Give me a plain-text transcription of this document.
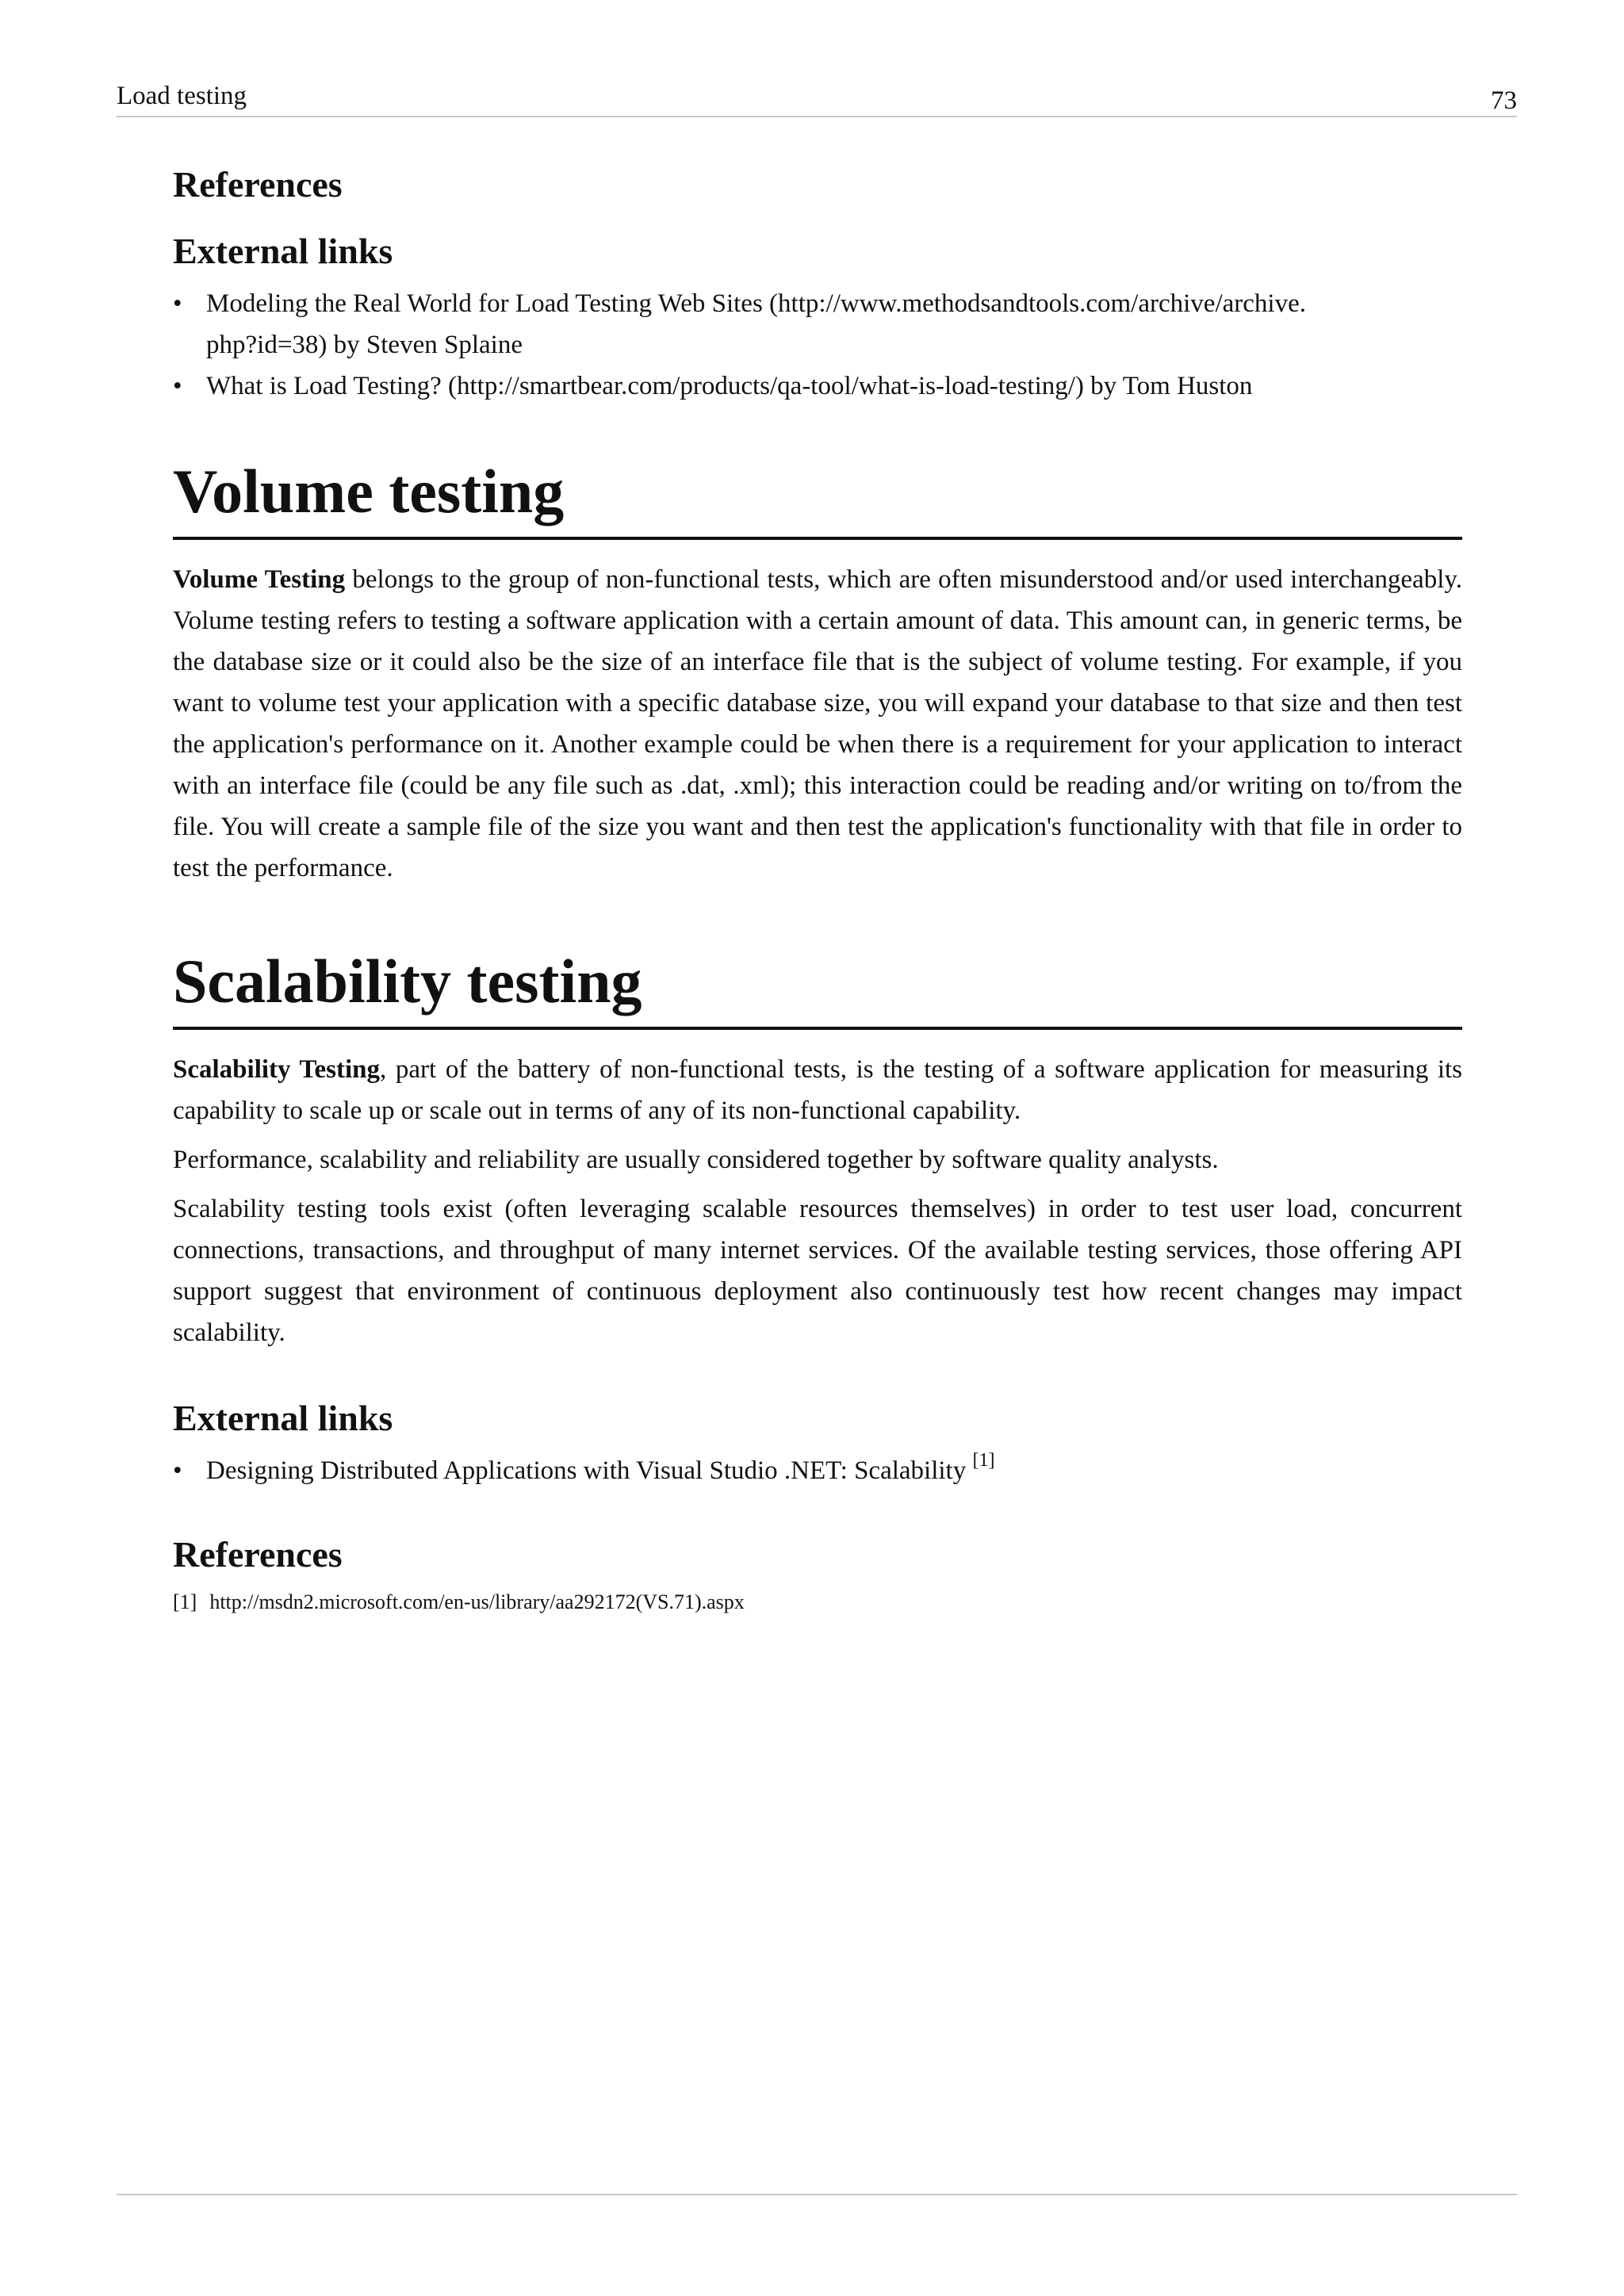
Load testing	73
References
External links
• Modeling the Real World for Load Testing Web Sites (http://www.methodsandtools.com/archive/archive.
php?id=38) by Steven Splaine
• What is Load Testing? (http://smartbear.com/products/qa-tool/what-is-load-testing/) by Tom Huston
Volume testing

Volume Testing belongs to the group of non-functional tests, which are often misunderstood and/or used interchangeably. Volume testing refers to testing a software application with a certain amount of data. This amount can, in generic terms, be the database size or it could also be the size of an interface file that is the subject of volume testing. For example, if you want to volume test your application with a specific database size, you will expand your database to that size and then test the application's performance on it. Another example could be when there is a requirement for your application to interact with an interface file (could be any file such as .dat, .xml); this interaction could be reading and/or writing on to/from the file. You will create a sample file of the size you want and then test the application's functionality with that file in order to test the performance.

Scalability testing

Scalability Testing, part of the battery of non-functional tests, is the testing of a software application for measuring its capability to scale up or scale out in terms of any of its non-functional capability.

Performance, scalability and reliability are usually considered together by software quality analysts.

Scalability testing tools exist (often leveraging scalable resources themselves) in order to test user load, concurrent connections, transactions, and throughput of many internet services. Of the available testing services, those offering API support suggest that environment of continuous deployment also continuously test how recent changes may impact scalability.

External links
• Designing Distributed Applications with Visual Studio .NET: Scalability [1]
References
[1] http://msdn2.microsoft.com/en-us/library/aa292172(VS.71).aspx
